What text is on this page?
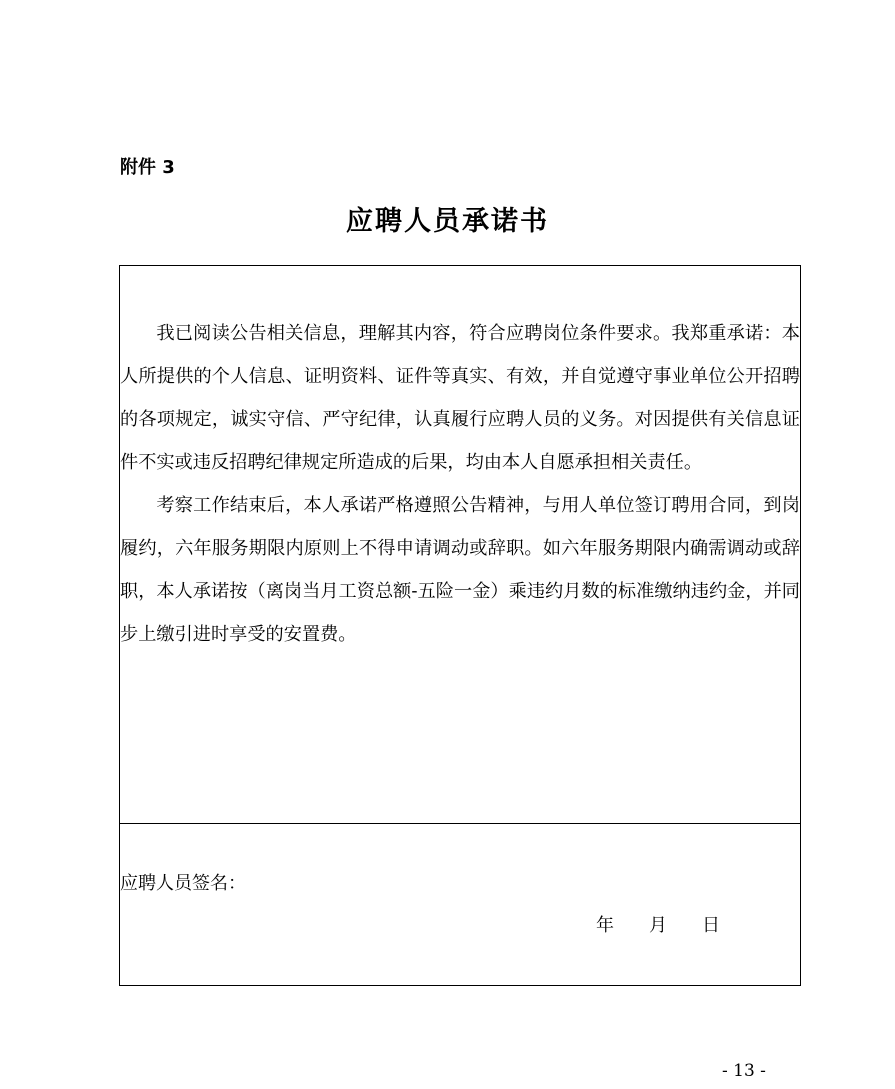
附件 3
应聘人员承诺书

我已阅读公告相关信息，理解其内容，符合应聘岗位条件要求。我郑重承诺：本人所提供的个人信息、证明资料、证件等真实、有效，并自觉遵守事业单位公开招聘的各项规定，诚实守信、严守纪律，认真履行应聘人员的义务。对因提供有关信息证件不实或违反招聘纪律规定所造成的后果，均由本人自愿承担相关责任。

考察工作结束后，本人承诺严格遵照公告精神，与用人单位签订聘用合同，到岗履约，六年服务期限内原则上不得申请调动或辞职。如六年服务期限内确需调动或辞职，本人承诺按（离岗当月工资总额-五险一金）乘违约月数的标准缴纳违约金，并同步上缴引进时享受的安置费。

应聘人员签名：
年	月	日
- 13 -
